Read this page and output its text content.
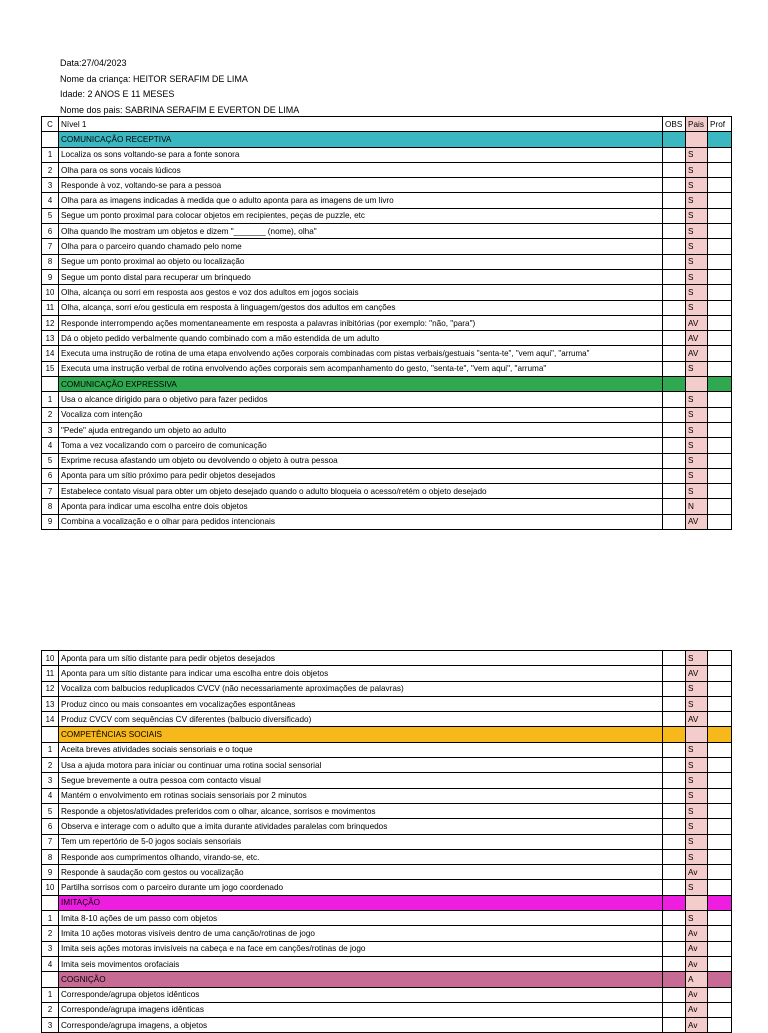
Data:27/04/2023
Nome da criança: HEITOR SERAFIM DE LIMA
Idade: 2 ANOS E 11 MESES
Nome dos pais: SABRINA SERAFIM E EVERTON DE LIMA
C	Nível 1	OBS	Pais	Prof
	COMUNICAÇÃO RECEPTIVA			
1	Localiza os sons voltando-se para a fonte sonora		S	
2	Olha para os sons vocais lúdicos		S	
3	Responde à voz, voltando-se para a pessoa		S	
4	Olha para as imagens indicadas à medida que o adulto aponta para as imagens de um livro		S	
5	Segue um ponto proximal para colocar objetos em recipientes, peças de puzzle, etc		S	
6	Olha quando lhe mostram um objetos e dizem "_______ (nome), olha"		S	
7	Olha para o parceiro quando chamado pelo nome		S	
8	Segue um ponto proximal ao objeto ou localização		S	
9	Segue um ponto distal para recuperar um brinquedo		S	
10	Olha, alcança ou sorri em resposta aos gestos e voz dos adultos em jogos sociais		S	
11	Olha, alcança, sorri e/ou gesticula em resposta à linguagem/gestos dos adultos em canções		S	
12	Responde interrompendo ações momentaneamente em resposta a palavras inibitórias (por exemplo: "não, "para")		AV	
13	Dá o objeto pedido verbalmente quando combinado com a mão estendida de um adulto		AV	
14	Executa uma instrução de rotina de uma etapa envolvendo ações corporais combinadas com pistas verbais/gestuais "senta-te", "vem aqui", "arruma"		AV	
15	Executa uma instrução verbal de rotina envolvendo ações corporais sem acompanhamento do gesto, "senta-te", "vem aqui", "arruma"		S	
	COMUNICAÇÃO EXPRESSIVA			
1	Usa o alcance dirigido para o objetivo para fazer pedidos		S	
2	Vocaliza com intenção		S	
3	"Pede" ajuda entregando um objeto ao adulto		S	
4	Toma a vez vocalizando com o parceiro de comunicação		S	
5	Exprime recusa afastando um objeto ou devolvendo o objeto à outra pessoa		S	
6	Aponta para um sítio próximo para pedir objetos desejados		S	
7	Estabelece contato visual para obter um objeto desejado quando o adulto bloqueia o acesso/retém o objeto desejado		S	
8	Aponta para indicar uma escolha entre dois objetos		N	
9	Combina a vocalização e o olhar para pedidos intencionais		AV	
10	Aponta para um sítio distante para pedir objetos desejados		S	
11	Aponta para um sítio distante para indicar uma escolha entre dois objetos		AV	
12	Vocaliza com balbucios reduplicados CVCV (não necessariamente aproximações de palavras)		S	
13	Produz cinco ou mais consoantes em vocalizações espontâneas		S	
14	Produz CVCV com sequências CV diferentes (balbucio diversificado)		AV	
	COMPETÊNCIAS SOCIAIS			
1	Aceita breves atividades sociais sensoriais e o toque		S	
2	Usa a ajuda motora para iniciar ou continuar uma rotina social sensorial		S	
3	Segue brevemente a outra pessoa com contacto visual		S	
4	Mantém o envolvimento em rotinas sociais sensoriais por 2 minutos		S	
5	Responde a objetos/atividades preferidos com o olhar, alcance, sorrisos e movimentos		S	
6	Observa e interage com o adulto que a imita durante atividades paralelas com brinquedos		S	
7	Tem um repertório de 5-0 jogos sociais sensoriais		S	
8	Responde aos cumprimentos olhando, virando-se, etc.		S	
9	Responde à saudação com gestos ou vocalização		Av	
10	Partilha sorrisos com o parceiro durante um jogo coordenado		S	
	IMITAÇÃO			
1	Imita 8-10 ações de um passo com objetos		S	
2	Imita 10 ações motoras visíveis dentro de uma canção/rotinas de jogo		Av	
3	Imita seis ações motoras invisíveis na cabeça e na face em canções/rotinas de jogo		Av	
4	Imita seis movimentos orofaciais		Av	
	COGNIÇÃO		A	
1	Corresponde/agrupa objetos idênticos		Av	
2	Corresponde/agrupa imagens idênticas		Av	
3	Corresponde/agrupa imagens, a objetos		Av	
